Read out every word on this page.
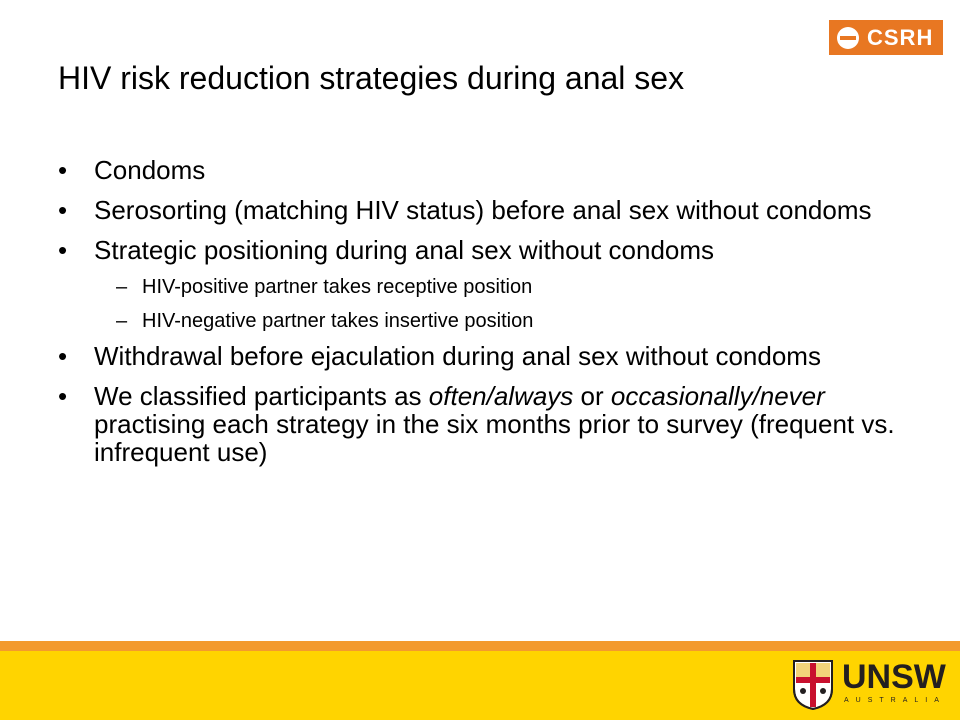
CSRH
HIV risk reduction strategies during anal sex

•	Condoms

•	Serosorting (matching HIV status) before anal sex without condoms

•	Strategic positioning during anal sex without condoms

– HIV-positive partner takes receptive position

– HIV-negative partner takes insertive position

•	Withdrawal before ejaculation during anal sex without condoms

•	We classified participants as often/always or occasionally/never practising each strategy in the six months prior to survey (frequent vs. infrequent use)

UNSW
AUSTRALIA
